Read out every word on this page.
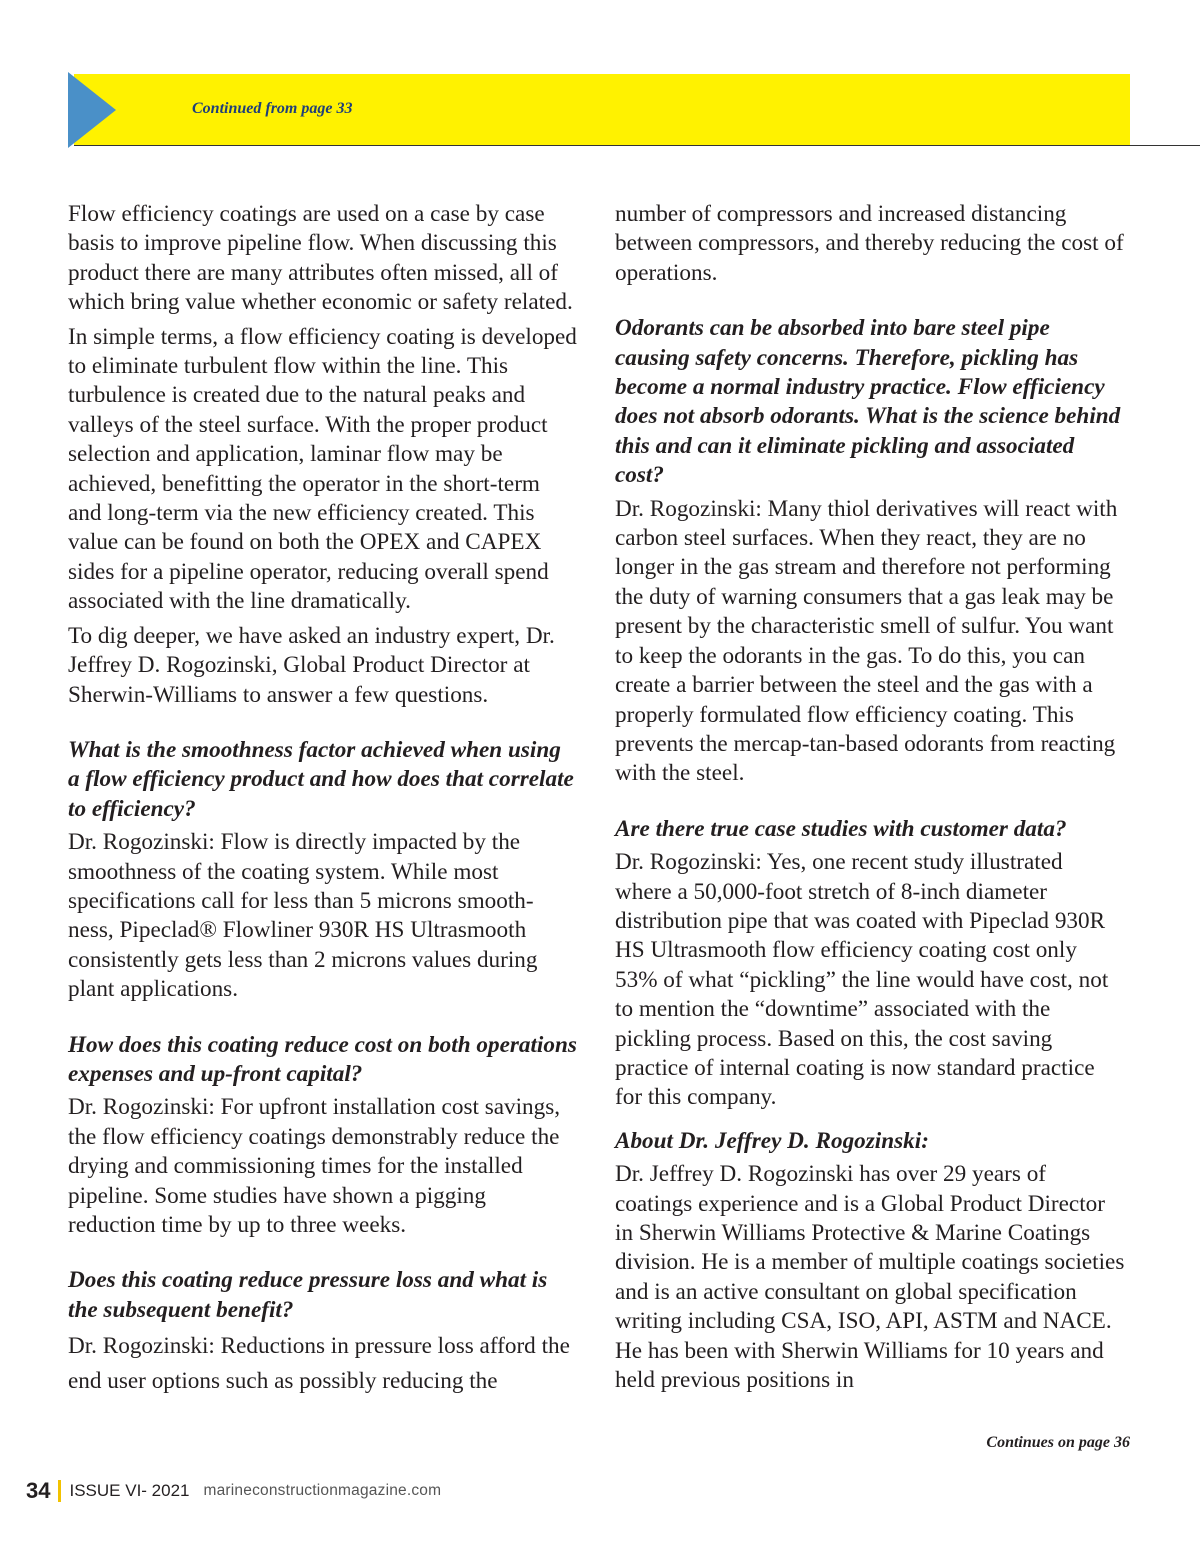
Continued from page 33

Flow efficiency coatings are used on a case by case basis to improve pipeline flow. When discussing this product there are many attributes often missed, all of which bring value whether economic or safety related.

In simple terms, a flow efficiency coating is developed to eliminate turbulent flow within the line. This turbulence is created due to the natural peaks and valleys of the steel surface. With the proper product selection and application, laminar flow may be achieved, benefitting the operator in the short-term and long-term via the new efficiency created. This value can be found on both the OPEX and CAPEX sides for a pipeline operator, reducing overall spend associated with the line dramatically.

To dig deeper, we have asked an industry expert, Dr. Jeffrey D. Rogozinski, Global Product Director at Sherwin-Williams to answer a few questions.

What is the smoothness factor achieved when using a flow efficiency product and how does that correlate to efficiency?

Dr. Rogozinski: Flow is directly impacted by the smoothness of the coating system. While most specifications call for less than 5 microns smooth-ness, Pipeclad® Flowliner 930R HS Ultrasmooth consistently gets less than 2 microns values during plant applications.

How does this coating reduce cost on both operations expenses and up-front capital?

Dr. Rogozinski: For upfront installation cost savings, the flow efficiency coatings demonstrably reduce the drying and commissioning times for the installed pipeline. Some studies have shown a pigging reduction time by up to three weeks.

Does this coating reduce pressure loss and what is the subsequent benefit?

Dr. Rogozinski: Reductions in pressure loss afford the end user options such as possibly reducing the

number of compressors and increased distancing between compressors, and thereby reducing the cost of operations.

Odorants can be absorbed into bare steel pipe causing safety concerns. Therefore, pickling has become a normal industry practice. Flow efficiency does not absorb odorants. What is the science behind this and can it eliminate pickling and associated cost?

Dr. Rogozinski: Many thiol derivatives will react with carbon steel surfaces. When they react, they are no longer in the gas stream and therefore not performing the duty of warning consumers that a gas leak may be present by the characteristic smell of sulfur. You want to keep the odorants in the gas. To do this, you can create a barrier between the steel and the gas with a properly formulated flow efficiency coating. This prevents the mercap-tan-based odorants from reacting with the steel.

Are there true case studies with customer data?

Dr. Rogozinski: Yes, one recent study illustrated where a 50,000-foot stretch of 8-inch diameter distribution pipe that was coated with Pipeclad 930R HS Ultrasmooth flow efficiency coating cost only 53% of what “pickling” the line would have cost, not to mention the “downtime” associated with the pickling process. Based on this, the cost saving practice of internal coating is now standard practice for this company.

About Dr. Jeffrey D. Rogozinski:

Dr. Jeffrey D. Rogozinski has over 29 years of coatings experience and is a Global Product Director in Sherwin Williams Protective & Marine Coatings division. He is a member of multiple coatings societies and is an active consultant on global specification writing including CSA, ISO, API, ASTM and NACE. He has been with Sherwin Williams for 10 years and held previous positions in

Continues on page 36
34 ISSUE VI- 2021 marineconstructionmagazine.com
